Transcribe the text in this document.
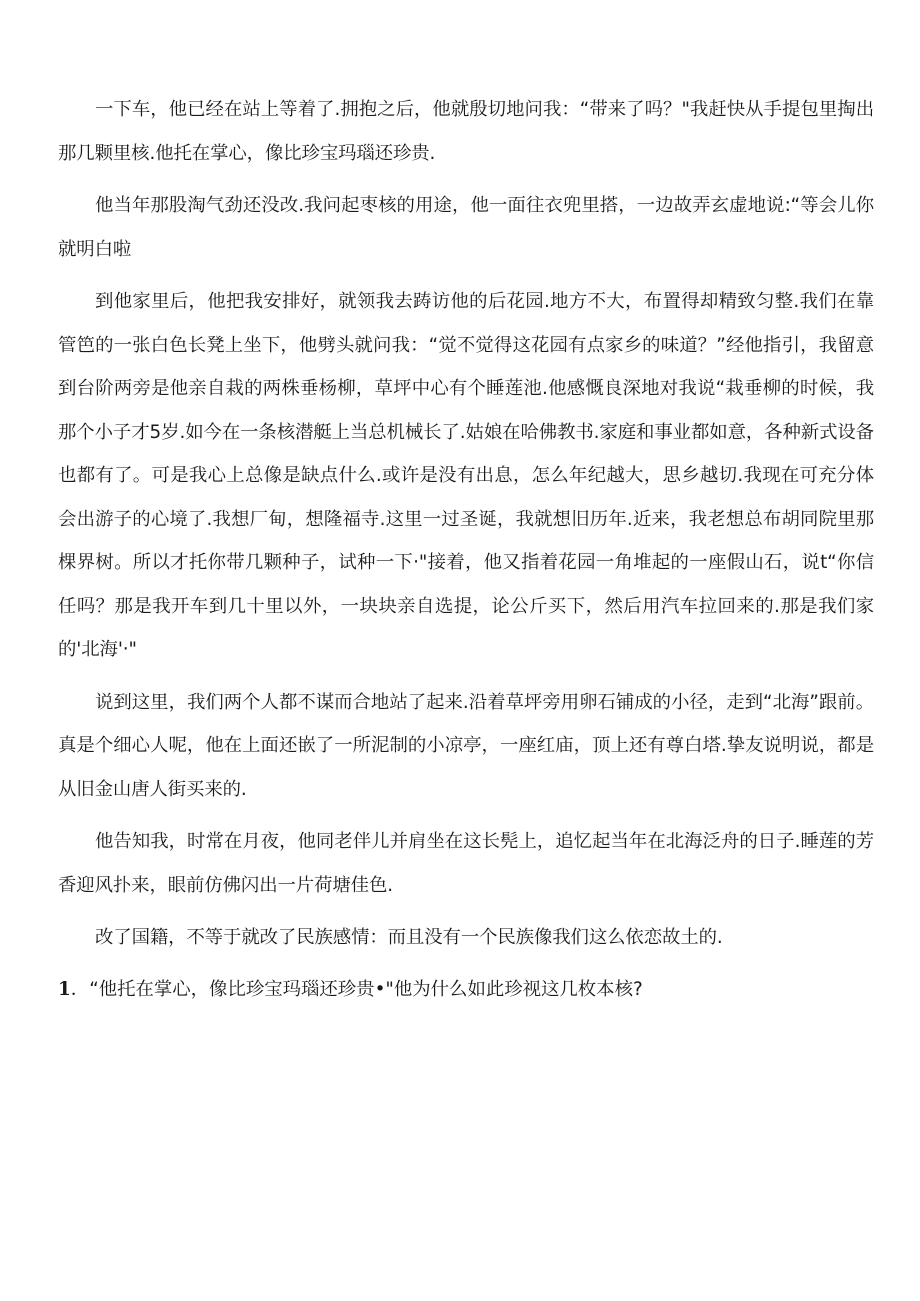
一下车，他已经在站上等着了.拥抱之后，他就殷切地问我：“带来了吗？"我赶快从手提包里掏出那几颗里核.他托在掌心，像比珍宝玛瑙还珍贵.

他当年那股淘气劲还没改.我问起枣核的用途，他一面往衣兜里搭，一边故弄玄虚地说:“等会儿你就明白啦

到他家里后，他把我安排好，就领我去踌访他的后花园.地方不大，布置得却精致匀整.我们在靠管笆的一张白色长凳上坐下，他劈头就问我：“觉不觉得这花园有点家乡的味道？”经他指引，我留意到台阶两旁是他亲自栽的两株垂杨柳，草坪中心有个睡莲池.他感慨良深地对我说“栽垂柳的时候，我那个小子才5岁.如今在一条核潜艇上当总机械长了.姑娘在哈佛教书.家庭和事业都如意，各种新式设备也都有了。可是我心上总像是缺点什么.或许是没有出息，怎么年纪越大，思乡越切.我现在可充分体会出游子的心境了.我想厂甸，想隆福寺.这里一过圣诞，我就想旧历年.近来，我老想总布胡同院里那棵界树。所以才托你带几颗种子，试种一下·"接着，他又指着花园一角堆起的一座假山石，说t“你信任吗？那是我开车到几十里以外，一块块亲自选提，论公斤买下，然后用汽车拉回来的.那是我们家的'北海'·"

说到这里，我们两个人都不谋而合地站了起来.沿着草坪旁用卵石铺成的小径，走到“北海”跟前。真是个细心人呢，他在上面还嵌了一所泥制的小凉亭，一座红庙，顶上还有尊白塔.挚友说明说，都是从旧金山唐人街买来的.

他告知我，时常在月夜，他同老伴儿并肩坐在这长髡上，追忆起当年在北海泛舟的日子.睡莲的芳香迎风扑来，眼前仿佛闪出一片荷塘佳色.

改了国籍，不等于就改了民族感情：而且没有一个民族像我们这么依恋故土的.

1．“他托在掌心，像比珍宝玛瑙还珍贵•"他为什么如此珍视这几枚本核?
